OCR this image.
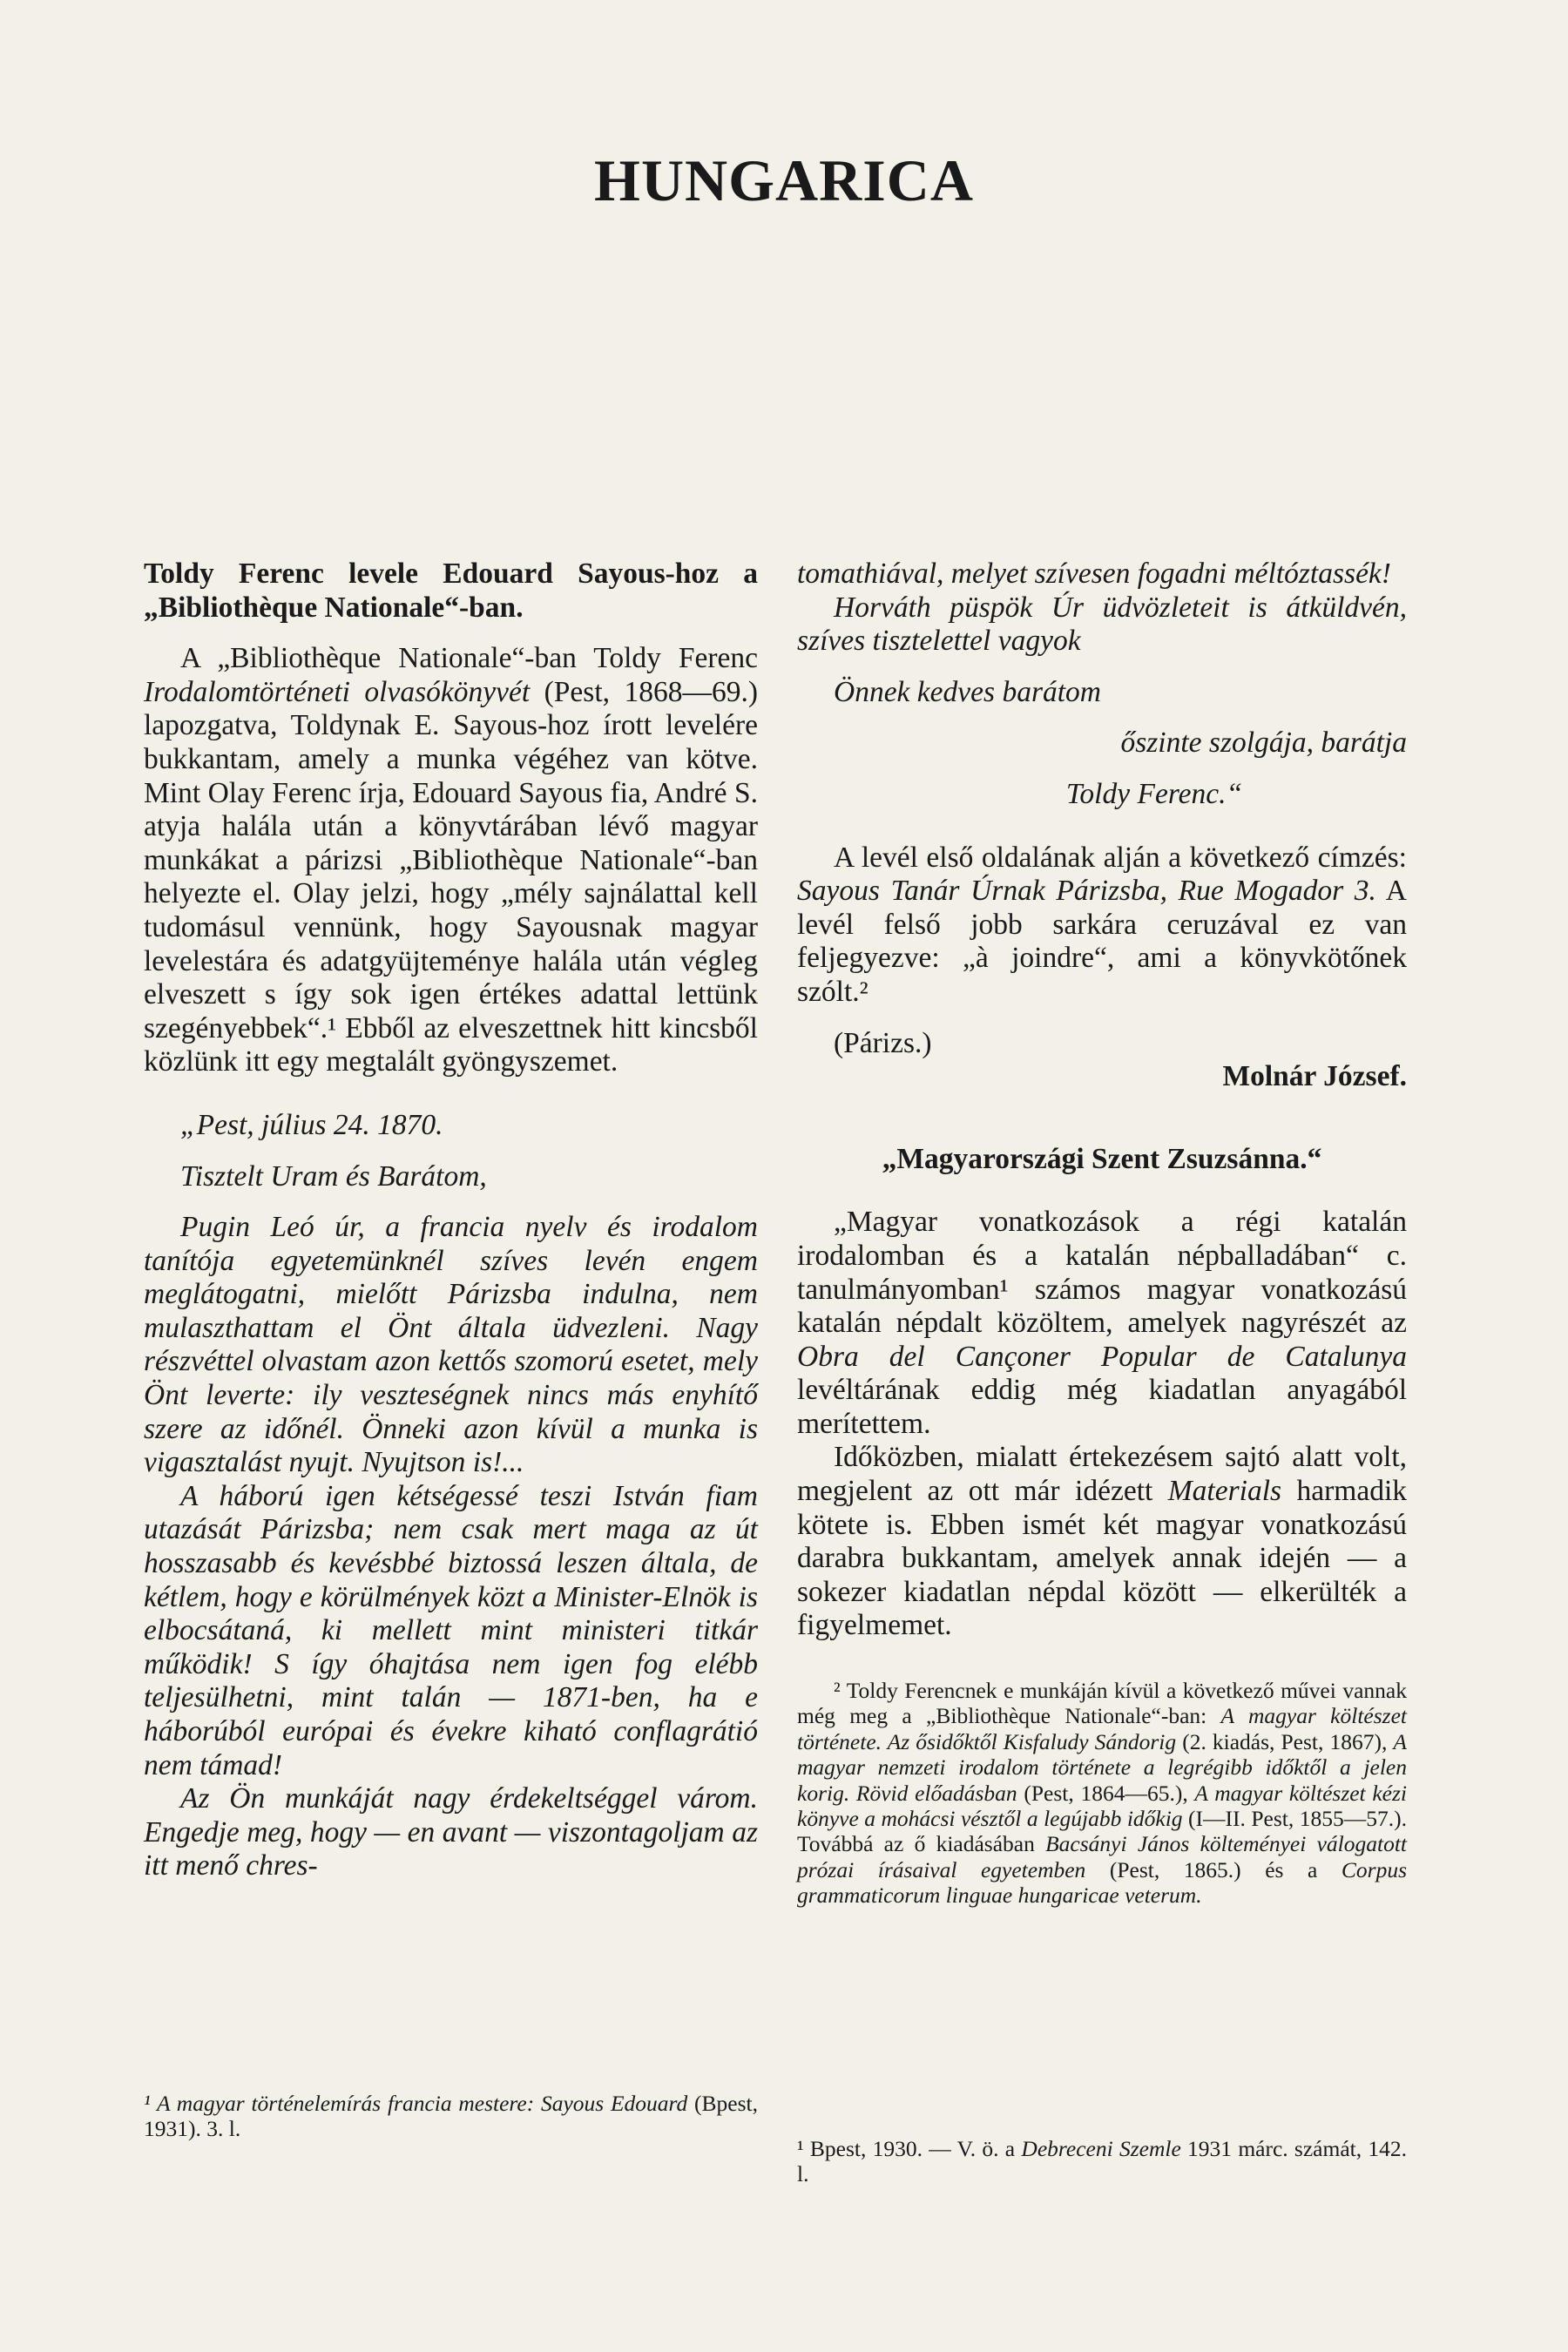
HUNGARICA

Toldy Ferenc levele Edouard Sayous-hoz a „Bibliothèque Nationale“-ban.

A „Bibliothèque Nationale“-ban Toldy Ferenc Irodalomtörténeti olvasókönyvét (Pest, 1868—69.) lapozgatva, Toldynak E. Sayous-hoz írott levelére bukkantam, amely a munka végéhez van kötve. Mint Olay Ferenc írja, Edouard Sayous fia, André S. atyja halála után a könyvtárában lévő magyar munkákat a párizsi „Bibliothèque Nationale“-ban helyezte el. Olay jelzi, hogy „mély sajnálattal kell tudomásul vennünk, hogy Sayousnak magyar levelestára és adatgyüjteménye halála után végleg elveszett s így sok igen értékes adattal lettünk szegényebbek“.¹ Ebből az elveszettnek hitt kincsből közlünk itt egy megtalált gyöngyszemet.

„Pest, július 24. 1870.

Tisztelt Uram és Barátom,

Pugin Leó úr, a francia nyelv és irodalom tanítója egyetemünknél szíves levén engem meglátogatni, mielőtt Párizsba indulna, nem mulaszthattam el Önt általa üdvezleni. Nagy részvéttel olvastam azon kettős szomorú esetet, mely Önt leverte: ily veszteségnek nincs más enyhítő szere az időnél. Önneki azon kívül a munka is vigasztalást nyujt. Nyujtson is!...

A háború igen kétségessé teszi István fiam utazását Párizsba; nem csak mert maga az út hosszasabb és kevésbbé biztossá leszen általa, de kétlem, hogy e körülmények közt a Minister-Elnök is elbocsátaná, ki mellett mint ministeri titkár működik! S így óhajtása nem igen fog elébb teljesülhetni, mint talán — 1871-ben, ha e háborúból európai és évekre kiható conflagrátió nem támad!

Az Ön munkáját nagy érdekeltséggel várom. Engedje meg, hogy — en avant — viszontagoljam az itt menő chres-

¹ A magyar történelemírás francia mestere: Sayous Edouard (Bpest, 1931). 3. l.

tomathiával, melyet szívesen fogadni méltóztassék!

Horváth püspök Úr üdvözleteit is átküldvén, szíves tisztelettel vagyok

Önnek kedves barátom

őszinte szolgája, barátja

Toldy Ferenc.“

A levél első oldalának alján a következő címzés: Sayous Tanár Úrnak Párizsba, Rue Mogador 3. A levél felső jobb sarkára ceruzával ez van feljegyezve: „à joindre“, ami a könyvkötőnek szólt.²

(Párizs.)

Molnár József.

„Magyarországi Szent Zsuzsánna.“

„Magyar vonatkozások a régi katalán irodalomban és a katalán népballadában“ c. tanulmányomban¹ számos magyar vonatkozású katalán népdalt közöltem, amelyek nagyrészét az Obra del Cançoner Popular de Catalunya levéltárának eddig még kiadatlan anyagából merítettem.

Időközben, mialatt értekezésem sajtó alatt volt, megjelent az ott már idézett Materials harmadik kötete is. Ebben ismét két magyar vonatkozású darabra bukkantam, amelyek annak idején — a sokezer kiadatlan népdal között — elkerülték a figyelmemet.

² Toldy Ferencnek e munkáján kívül a következő művei vannak még meg a „Bibliothèque Nationale“-ban: A magyar költészet története. Az ősidőktől Kisfaludy Sándorig (2. kiadás, Pest, 1867), A magyar nemzeti irodalom története a legrégibb időktől a jelen korig. Rövid előadásban (Pest, 1864—65.), A magyar költészet kézi könyve a mohácsi vésztől a legújabb időkig (I—II. Pest, 1855—57.). Továbbá az ő kiadásában Bacsányi János költeményei válogatott prózai írásaival egyetemben (Pest, 1865.) és a Corpus grammaticorum linguae hungaricae veterum.

¹ Bpest, 1930. — V. ö. a Debreceni Szemle 1931 márc. számát, 142. l.
